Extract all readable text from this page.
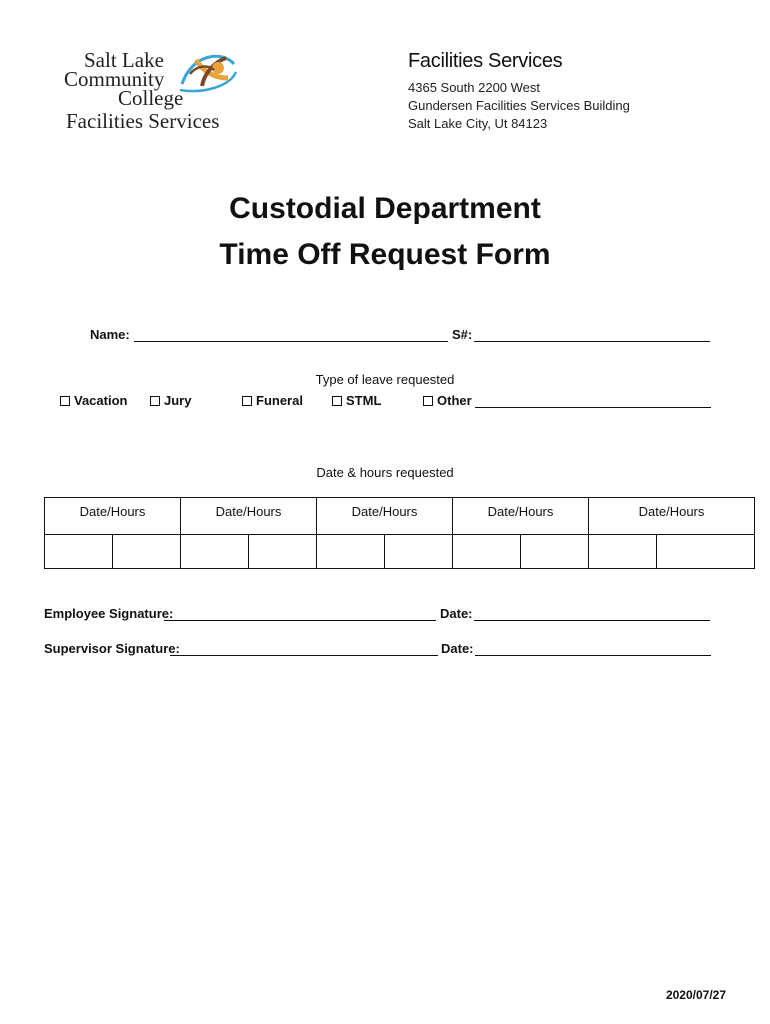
Salt Lake
Community
College
Facilities Services
Facilities Services
4365 South 2200 West
Gundersen Facilities Services Building
Salt Lake City, Ut 84123
Custodial Department
Time Off Request Form
Name:	S#:
Type of leave requested
Vacation	Jury	Funeral	STML	Other
Date & hours requested
Date/Hours		Date/Hours		Date/Hours		Date/Hours		Date/Hours	

Employee Signature:	Date:
Supervisor Signature:	Date:
2020/07/27
